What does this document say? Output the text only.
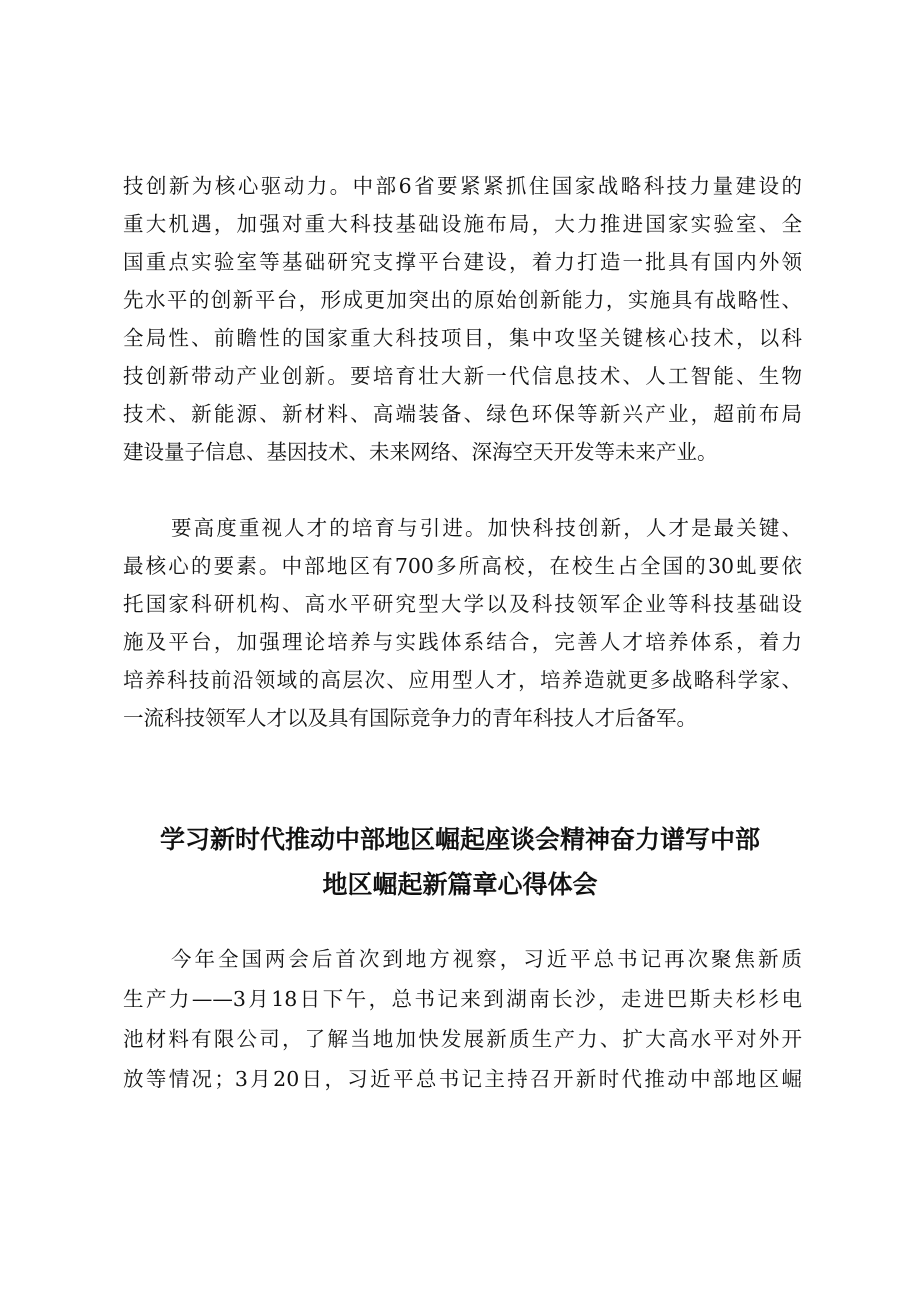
技创新为核心驱动力。中部6省要紧紧抓住国家战略科技力量建设的
重大机遇，加强对重大科技基础设施布局，大力推进国家实验室、全
国重点实验室等基础研究支撑平台建设，着力打造一批具有国内外领
先水平的创新平台，形成更加突出的原始创新能力，实施具有战略性、
全局性、前瞻性的国家重大科技项目，集中攻坚关键核心技术，以科
技创新带动产业创新。要培育壮大新一代信息技术、人工智能、生物
技术、新能源、新材料、高端装备、绿色环保等新兴产业，超前布局
建设量子信息、基因技术、未来网络、深海空天开发等未来产业。
要高度重视人才的培育与引进。加快科技创新，人才是最关键、
最核心的要素。中部地区有700多所高校，在校生占全国的30虬要依
托国家科研机构、高水平研究型大学以及科技领军企业等科技基础设
施及平台，加强理论培养与实践体系结合，完善人才培养体系，着力
培养科技前沿领域的高层次、应用型人才，培养造就更多战略科学家、
一流科技领军人才以及具有国际竞争力的青年科技人才后备军。
学习新时代推动中部地区崛起座谈会精神奋力谱写中部
地区崛起新篇章心得体会
今年全国两会后首次到地方视察，习近平总书记再次聚焦新质
生产力——3月18日下午，总书记来到湖南长沙，走进巴斯夫杉杉电
池材料有限公司，了解当地加快发展新质生产力、扩大高水平对外开
放等情况；3月20日，习近平总书记主持召开新时代推动中部地区崛
